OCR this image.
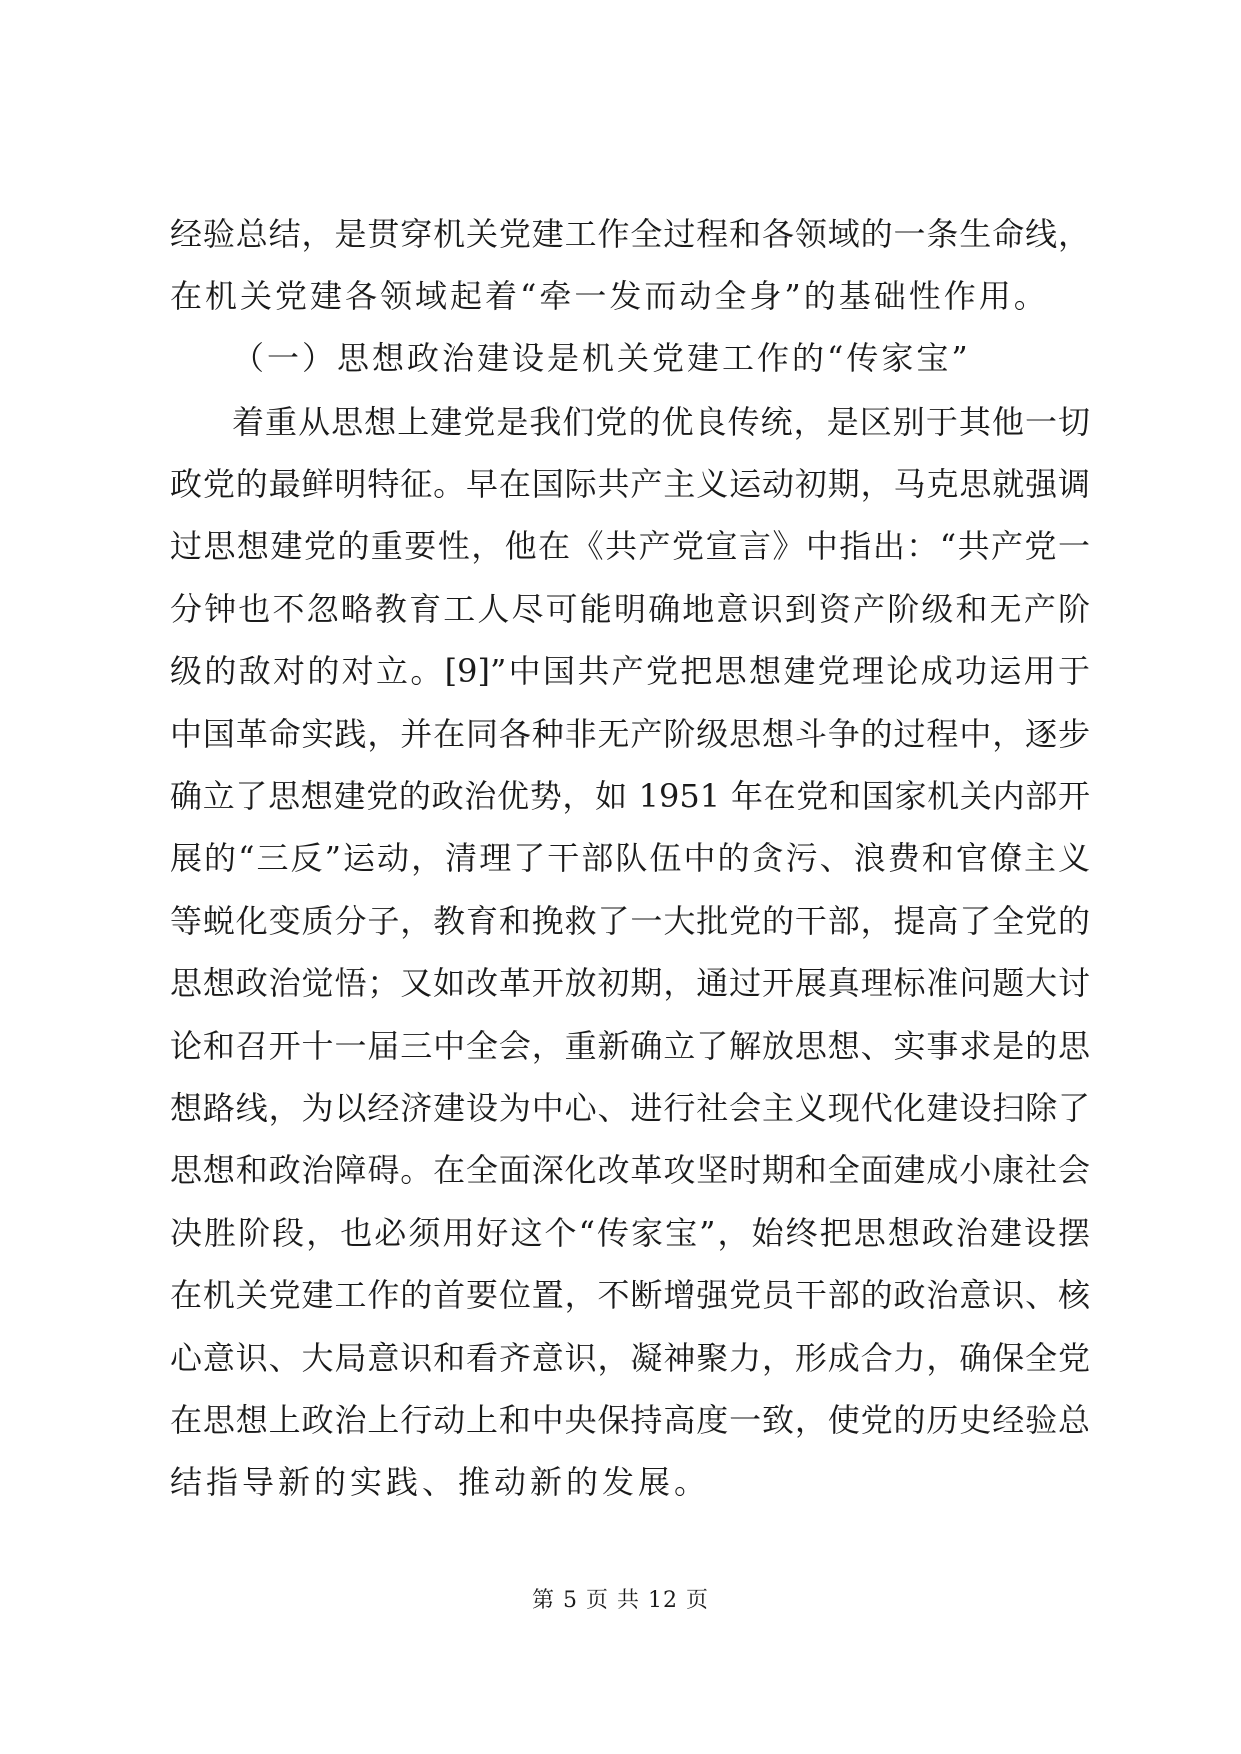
经验总结，是贯穿机关党建工作全过程和各领域的一条生命线，
在机关党建各领域起着“牵一发而动全身”的基础性作用。
（一）思想政治建设是机关党建工作的“传家宝”
着重从思想上建党是我们党的优良传统，是区别于其他一切
政党的最鲜明特征。早在国际共产主义运动初期，马克思就强调
过思想建党的重要性，他在《共产党宣言》中指出：“共产党一
分钟也不忽略教育工人尽可能明确地意识到资产阶级和无产阶
级的敌对的对立。[9]”中国共产党把思想建党理论成功运用于
中国革命实践，并在同各种非无产阶级思想斗争的过程中，逐步
确立了思想建党的政治优势，如 1951 年在党和国家机关内部开
展的“三反”运动，清理了干部队伍中的贪污、浪费和官僚主义
等蜕化变质分子，教育和挽救了一大批党的干部，提高了全党的
思想政治觉悟；又如改革开放初期，通过开展真理标准问题大讨
论和召开十一届三中全会，重新确立了解放思想、实事求是的思
想路线，为以经济建设为中心、进行社会主义现代化建设扫除了
思想和政治障碍。在全面深化改革攻坚时期和全面建成小康社会
决胜阶段，也必须用好这个“传家宝”，始终把思想政治建设摆
在机关党建工作的首要位置，不断增强党员干部的政治意识、核
心意识、大局意识和看齐意识，凝神聚力，形成合力，确保全党
在思想上政治上行动上和中央保持高度一致，使党的历史经验总
结指导新的实践、推动新的发展。
第 5 页 共 12 页
